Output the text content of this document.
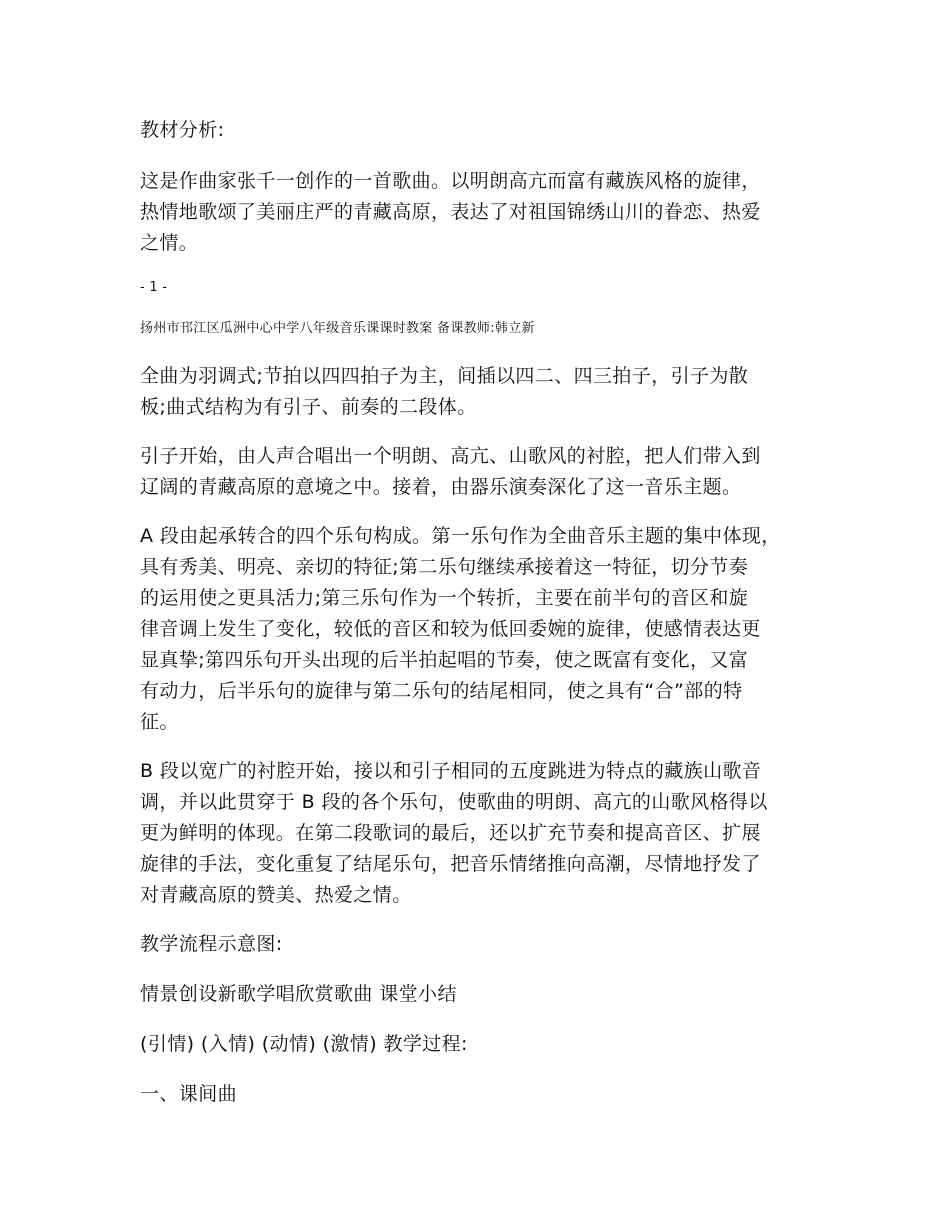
教材分析:

这是作曲家张千一创作的一首歌曲。以明朗高亢而富有藏族风格的旋律，
热情地歌颂了美丽庄严的青藏高原，表达了对祖国锦绣山川的眷恋、热爱
之情。

- 1 -

扬州市邗江区瓜洲中心中学八年级音乐课课时教案 备课教师:韩立新

全曲为羽调式;节拍以四四拍子为主，间插以四二、四三拍子，引子为散
板;曲式结构为有引子、前奏的二段体。

引子开始，由人声合唱出一个明朗、高亢、山歌风的衬腔，把人们带入到
辽阔的青藏高原的意境之中。接着，由器乐演奏深化了这一音乐主题。

A 段由起承转合的四个乐句构成。第一乐句作为全曲音乐主题的集中体现，
具有秀美、明亮、亲切的特征;第二乐句继续承接着这一特征，切分节奏
的运用使之更具活力;第三乐句作为一个转折，主要在前半句的音区和旋
律音调上发生了变化，较低的音区和较为低回委婉的旋律，使感情表达更
显真挚;第四乐句开头出现的后半拍起唱的节奏，使之既富有变化，又富
有动力，后半乐句的旋律与第二乐句的结尾相同，使之具有“合”部的特
征。

B 段以宽广的衬腔开始，接以和引子相同的五度跳进为特点的藏族山歌音
调，并以此贯穿于 B 段的各个乐句，使歌曲的明朗、高亢的山歌风格得以
更为鲜明的体现。在第二段歌词的最后，还以扩充节奏和提高音区、扩展
旋律的手法，变化重复了结尾乐句，把音乐情绪推向高潮，尽情地抒发了
对青藏高原的赞美、热爱之情。

教学流程示意图:

情景创设新歌学唱欣赏歌曲 课堂小结

(引情) (入情) (动情) (激情) 教学过程:

一、课间曲
